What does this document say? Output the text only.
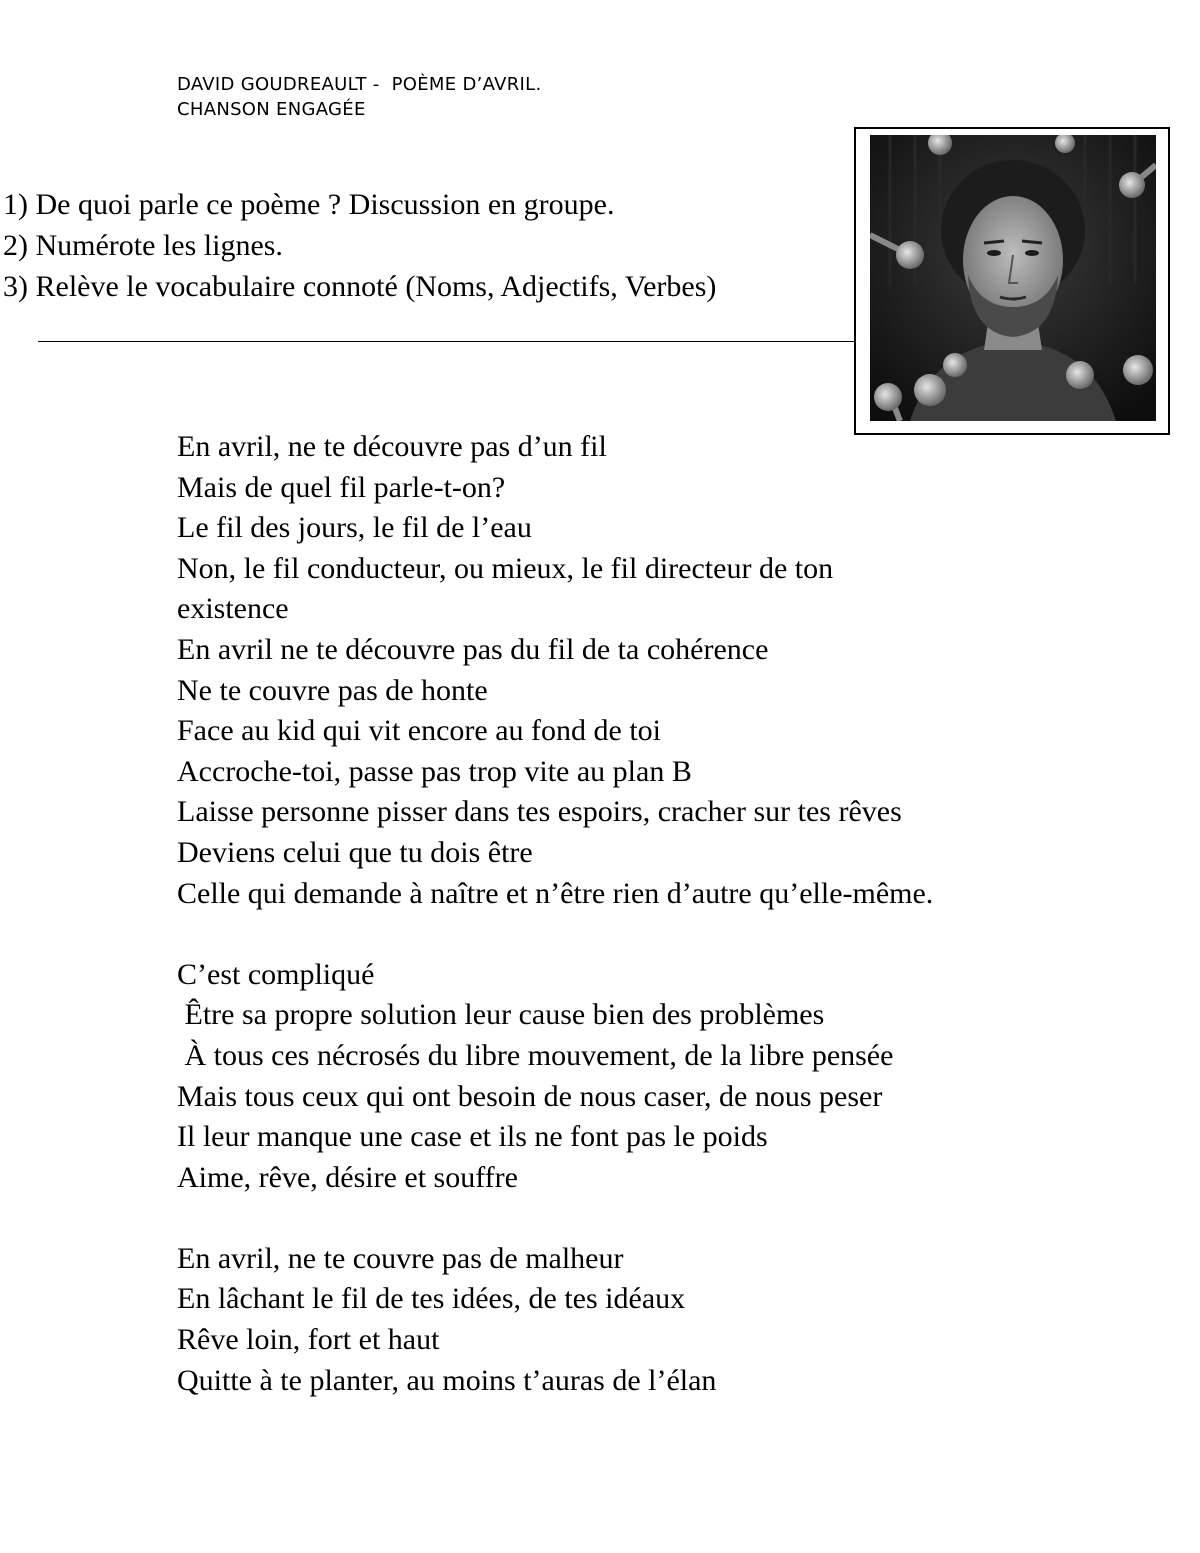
DAVID GOUDREAULT -  POÈME D’AVRIL.
CHANSON ENGAGÉE
1) De quoi parle ce poème ? Discussion en groupe.
2) Numérote les lignes.
3) Relève le vocabulaire connoté (Noms, Adjectifs, Verbes)
En avril, ne te découvre pas d’un fil
Mais de quel fil parle-t-on?
Le fil des jours, le fil de l’eau
Non, le fil conducteur, ou mieux, le fil directeur de ton
existence
En avril ne te découvre pas du fil de ta cohérence
Ne te couvre pas de honte
Face au kid qui vit encore au fond de toi
Accroche-toi, passe pas trop vite au plan B
Laisse personne pisser dans tes espoirs, cracher sur tes rêves
Deviens celui que tu dois être
Celle qui demande à naître et n’être rien d’autre qu’elle-même.
C’est compliqué
Être sa propre solution leur cause bien des problèmes
À tous ces nécrosés du libre mouvement, de la libre pensée
Mais tous ceux qui ont besoin de nous caser, de nous peser
Il leur manque une case et ils ne font pas le poids
Aime, rêve, désire et souffre
En avril, ne te couvre pas de malheur
En lâchant le fil de tes idées, de tes idéaux
Rêve loin, fort et haut
Quitte à te planter, au moins t’auras de l’élan
